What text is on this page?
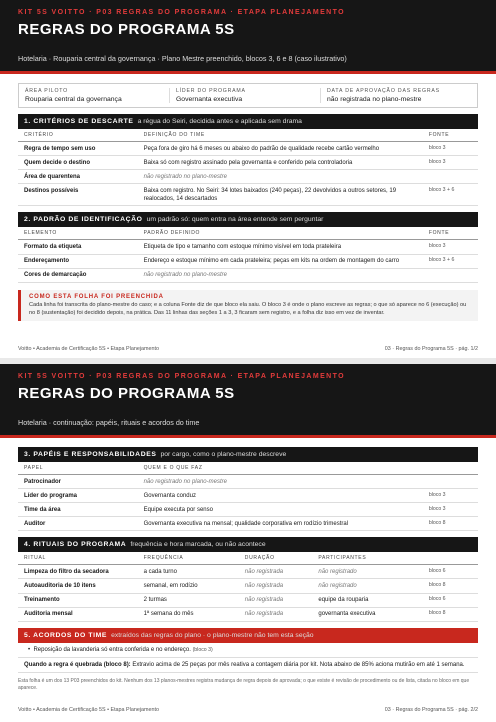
KIT 5S VOITTO · P03 REGRAS DO PROGRAMA · ETAPA PLANEJAMENTO
REGRAS DO PROGRAMA 5S
Hotelaria · Rouparia central da governança · Plano Mestre preenchido, blocos 3, 6 e 8 (caso ilustrativo)
ÁREA PILOTO
Rouparia central da governança
LÍDER DO PROGRAMA
Governanta executiva
DATA DE APROVAÇÃO DAS REGRAS
não registrada no plano-mestre
1. CRITÉRIOS DE DESCARTE a régua do Seiri, decidida antes e aplicada sem drama
CRITÉRIO	DEFINIÇÃO DO TIME	FONTE
Regra de tempo sem uso	Peça fora de giro há 6 meses ou abaixo do padrão de qualidade recebe cartão vermelho	bloco 3
Quem decide o destino	Baixa só com registro assinado pela governanta e conferido pela controladoria	bloco 3
Área de quarentena	não registrado no plano-mestre	
Destinos possíveis	Baixa com registro. No Seiri: 34 lotes baixados (240 peças), 22 devolvidos a outros setores, 19 realocados, 14 descartados	bloco 3 + 6
2. PADRÃO DE IDENTIFICAÇÃO um padrão só: quem entra na área entende sem perguntar
ELEMENTO	PADRÃO DEFINIDO	FONTE
Formato da etiqueta	Etiqueta de tipo e tamanho com estoque mínimo visível em toda prateleira	bloco 3
Endereçamento	Endereço e estoque mínimo em cada prateleira; peças em kits na ordem de montagem do carro	bloco 3 + 6
Cores de demarcação	não registrado no plano-mestre	
COMO ESTA FOLHA FOI PREENCHIDA
Cada linha foi transcrita do plano-mestre do caso; e a coluna Fonte diz de que bloco ela saiu. O bloco 3 é onde o plano escreve as regras; o que só aparece no 6 (execução) ou no 8 (sustentação) foi decidido depois, na prática. Das 11 linhas das seções 1 a 3, 3 ficaram sem registro, e a folha diz isso em vez de inventar.
Voitto • Academia de Certificação 5S • Etapa Planejamento	03 · Regras do Programa 5S · pág. 1/2
KIT 5S VOITTO · P03 REGRAS DO PROGRAMA · ETAPA PLANEJAMENTO
REGRAS DO PROGRAMA 5S
Hotelaria · continuação: papéis, rituais e acordos do time
3. PAPÉIS E RESPONSABILIDADES por cargo, como o plano-mestre descreve
PAPEL	QUEM E O QUE FAZ	
Patrocinador	não registrado no plano-mestre	
Líder do programa	Governanta conduz	bloco 3
Time da área	Equipe executa por senso	bloco 3
Auditor	Governanta executiva na mensal; qualidade corporativa em rodízio trimestral	bloco 8
4. RITUAIS DO PROGRAMA frequência e hora marcada, ou não acontece
RITUAL	FREQUÊNCIA	DURAÇÃO	PARTICIPANTES	
Limpeza do filtro da secadora	a cada turno	não registrada	não registrado	bloco 6
Autoauditoria de 10 itens	semanal, em rodízio	não registrada	não registrado	bloco 8
Treinamento	2 turmas	não registrada	equipe da rouparia	bloco 6
Auditoria mensal	1ª semana do mês	não registrada	governanta executiva	bloco 8
5. ACORDOS DO TIME extraídos das regras do plano · o plano-mestre não tem esta seção
•  Reposição da lavanderia só entra conferida e no endereço. (bloco 3)
Quando a regra é quebrada (bloco 8): Extravio acima de 25 peças por mês reativa a contagem diária por kit. Nota abaixo de 85% aciona mutirão em até 1 semana.
Esta folha é um dos 13 P03 preenchidos do kit. Nenhum dos 13 planos-mestres registra mudança de regra depois de aprovada; o que existe é revisão de procedimento ou de lista, citada no bloco em que aparece.
Voitto • Academia de Certificação 5S • Etapa Planejamento	03 · Regras do Programa 5S · pág. 2/2
